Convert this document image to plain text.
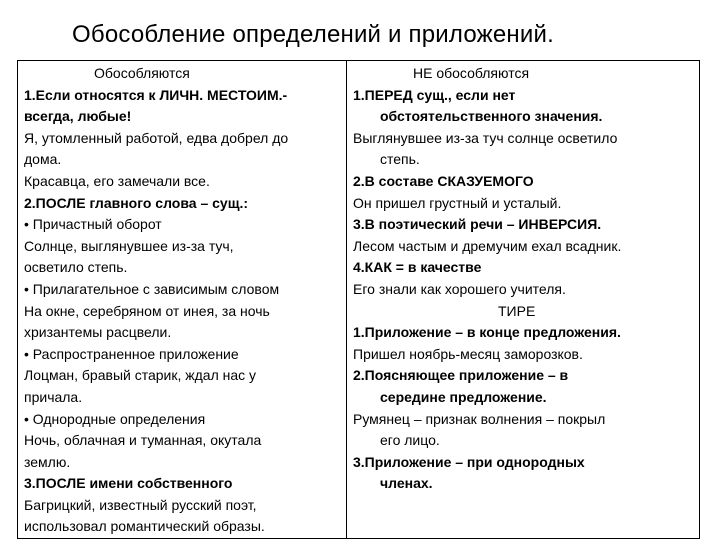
Обособление определений и приложений.
Обособляются
1.Если относятся к ЛИЧН. МЕСТОИМ.-
всегда, любые!
Я, утомленный работой, едва добрел до
дома.
Красавца, его замечали все.
2.ПОСЛЕ главного слова – сущ.:
• Причастный оборот
Солнце, выглянувшее из-за туч,
осветило степь.
• Прилагательное с зависимым словом
На окне, серебряном от инея, за ночь
хризантемы расцвели.
• Распространенное приложение
Лоцман, бравый старик, ждал нас у
причала.
• Однородные определения
Ночь, облачная и туманная, окутала
землю.
3.ПОСЛЕ имени собственного
Багрицкий, известный русский поэт,
использовал романтический образы.
НЕ обособляются
1.ПЕРЕД сущ., если нет
обстоятельственного значения.
Выглянувшее из-за туч солнце осветило
степь.
2.В составе СКАЗУЕМОГО
Он пришел грустный и усталый.
3.В поэтический речи – ИНВЕРСИЯ.
Лесом частым и дремучим ехал всадник.
4.КАК = в качестве
Его знали как хорошего учителя.
ТИРЕ
1.Приложение – в конце предложения.
Пришел ноябрь-месяц заморозков.
2.Поясняющее приложение – в
середине предложение.
Румянец – признак волнения – покрыл
его лицо.
3.Приложение – при однородных
членах.
